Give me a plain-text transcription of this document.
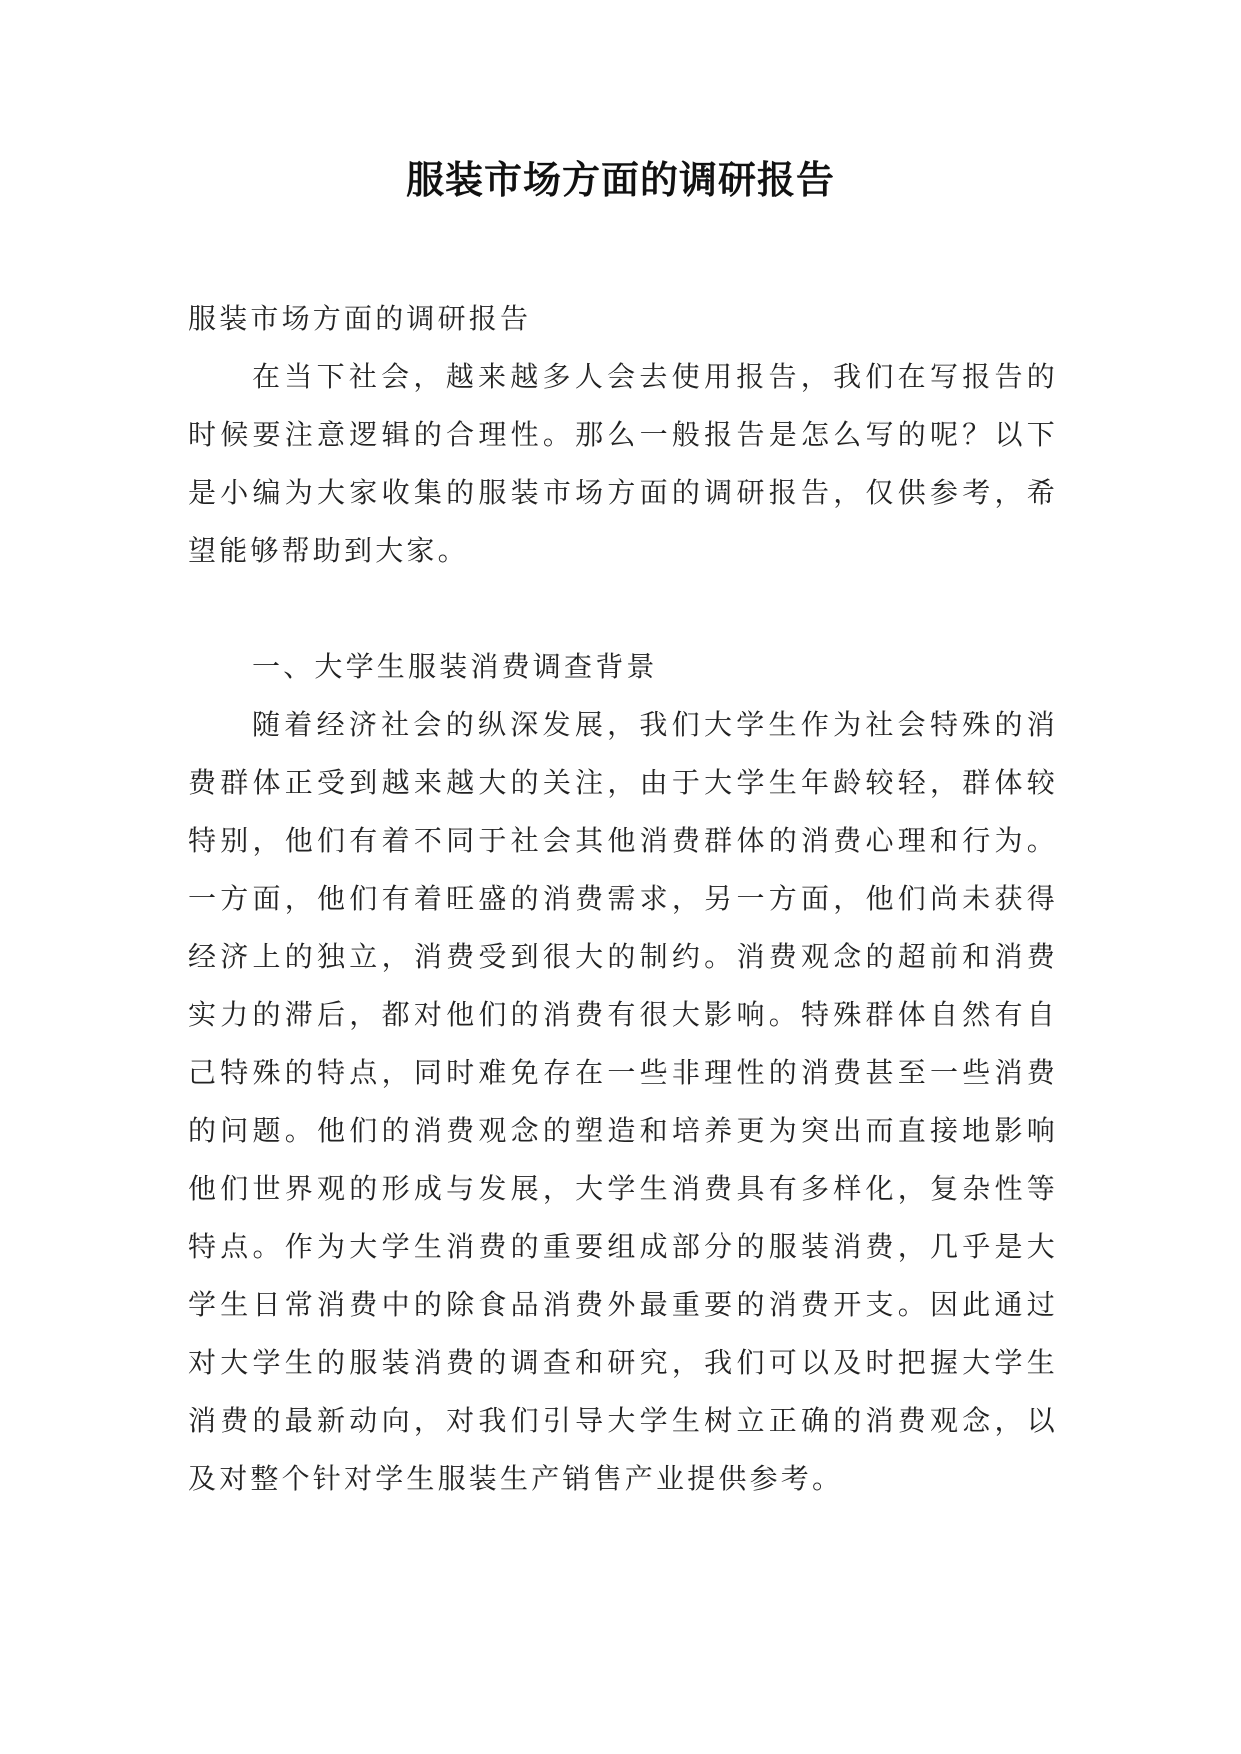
服装市场方面的调研报告

服装市场方面的调研报告

在当下社会，越来越多人会去使用报告，我们在写报告的时候要注意逻辑的合理性。那么一般报告是怎么写的呢？以下是小编为大家收集的服装市场方面的调研报告，仅供参考，希望能够帮助到大家。

一、大学生服装消费调查背景

随着经济社会的纵深发展，我们大学生作为社会特殊的消费群体正受到越来越大的关注，由于大学生年龄较轻，群体较特别，他们有着不同于社会其他消费群体的消费心理和行为。一方面，他们有着旺盛的消费需求，另一方面，他们尚未获得经济上的独立，消费受到很大的制约。消费观念的超前和消费实力的滞后，都对他们的消费有很大影响。特殊群体自然有自己特殊的特点，同时难免存在一些非理性的消费甚至一些消费的问题。他们的消费观念的塑造和培养更为突出而直接地影响他们世界观的形成与发展，大学生消费具有多样化，复杂性等特点。作为大学生消费的重要组成部分的服装消费，几乎是大学生日常消费中的除食品消费外最重要的消费开支。因此通过对大学生的服装消费的调查和研究，我们可以及时把握大学生消费的最新动向，对我们引导大学生树立正确的消费观念，以及对整个针对学生服装生产销售产业提供参考。
